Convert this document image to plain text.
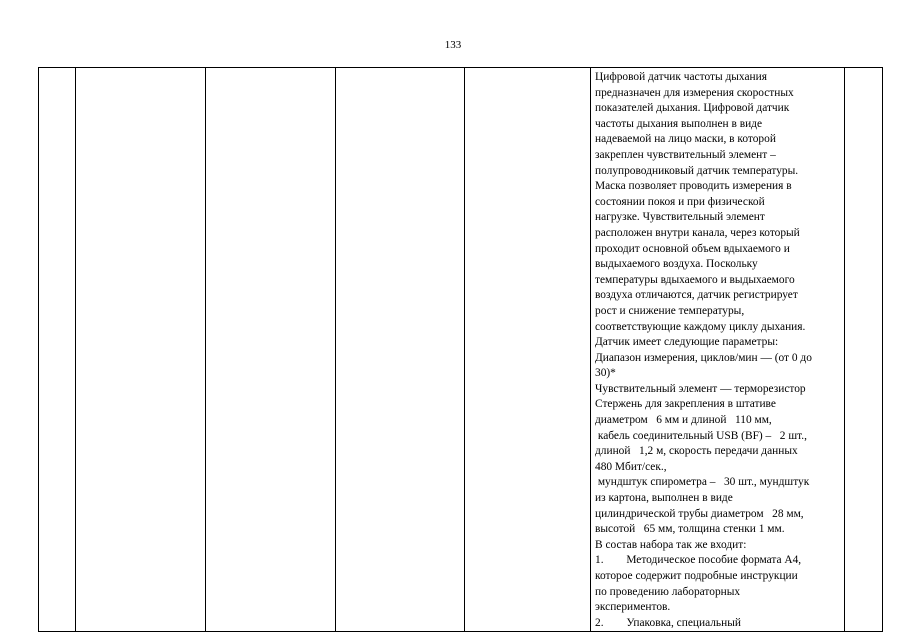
133

Цифровой датчик частоты дыхания
предназначен для измерения скоростных
показателей дыхания. Цифровой датчик
частоты дыхания выполнен в виде
надеваемой на лицо маски, в которой
закреплен чувствительный элемент –
полупроводниковый датчик температуры.
Маска позволяет проводить измерения в
состоянии покоя и при физической
нагрузке. Чувствительный элемент
расположен внутри канала, через который
проходит основной объем вдыхаемого и
выдыхаемого воздуха. Поскольку
температуры вдыхаемого и выдыхаемого
воздуха отличаются, датчик регистрирует
рост и снижение температуры,
соответствующие каждому циклу дыхания.
Датчик имеет следующие параметры:
Диапазон измерения, циклов/мин — (от 0 до
30)*
Чувствительный элемент — терморезистор
Стержень для закрепления в штативе
диаметром   6 мм и длиной   110 мм,
кабель соединительный USB (BF) –   2 шт.,
длиной   1,2 м, скорость передачи данных
480 Мбит/сек.,
мундштук спирометра –   30 шт., мундштук
из картона, выполнен в виде
цилиндрической трубы диаметром   28 мм,
высотой   65 мм, толщина стенки 1 мм.
В состав набора так же входит:
1.        Методическое пособие формата А4,
которое содержит подробные инструкции
по проведению лабораторных
экспериментов.
2.        Упаковка, специальный
